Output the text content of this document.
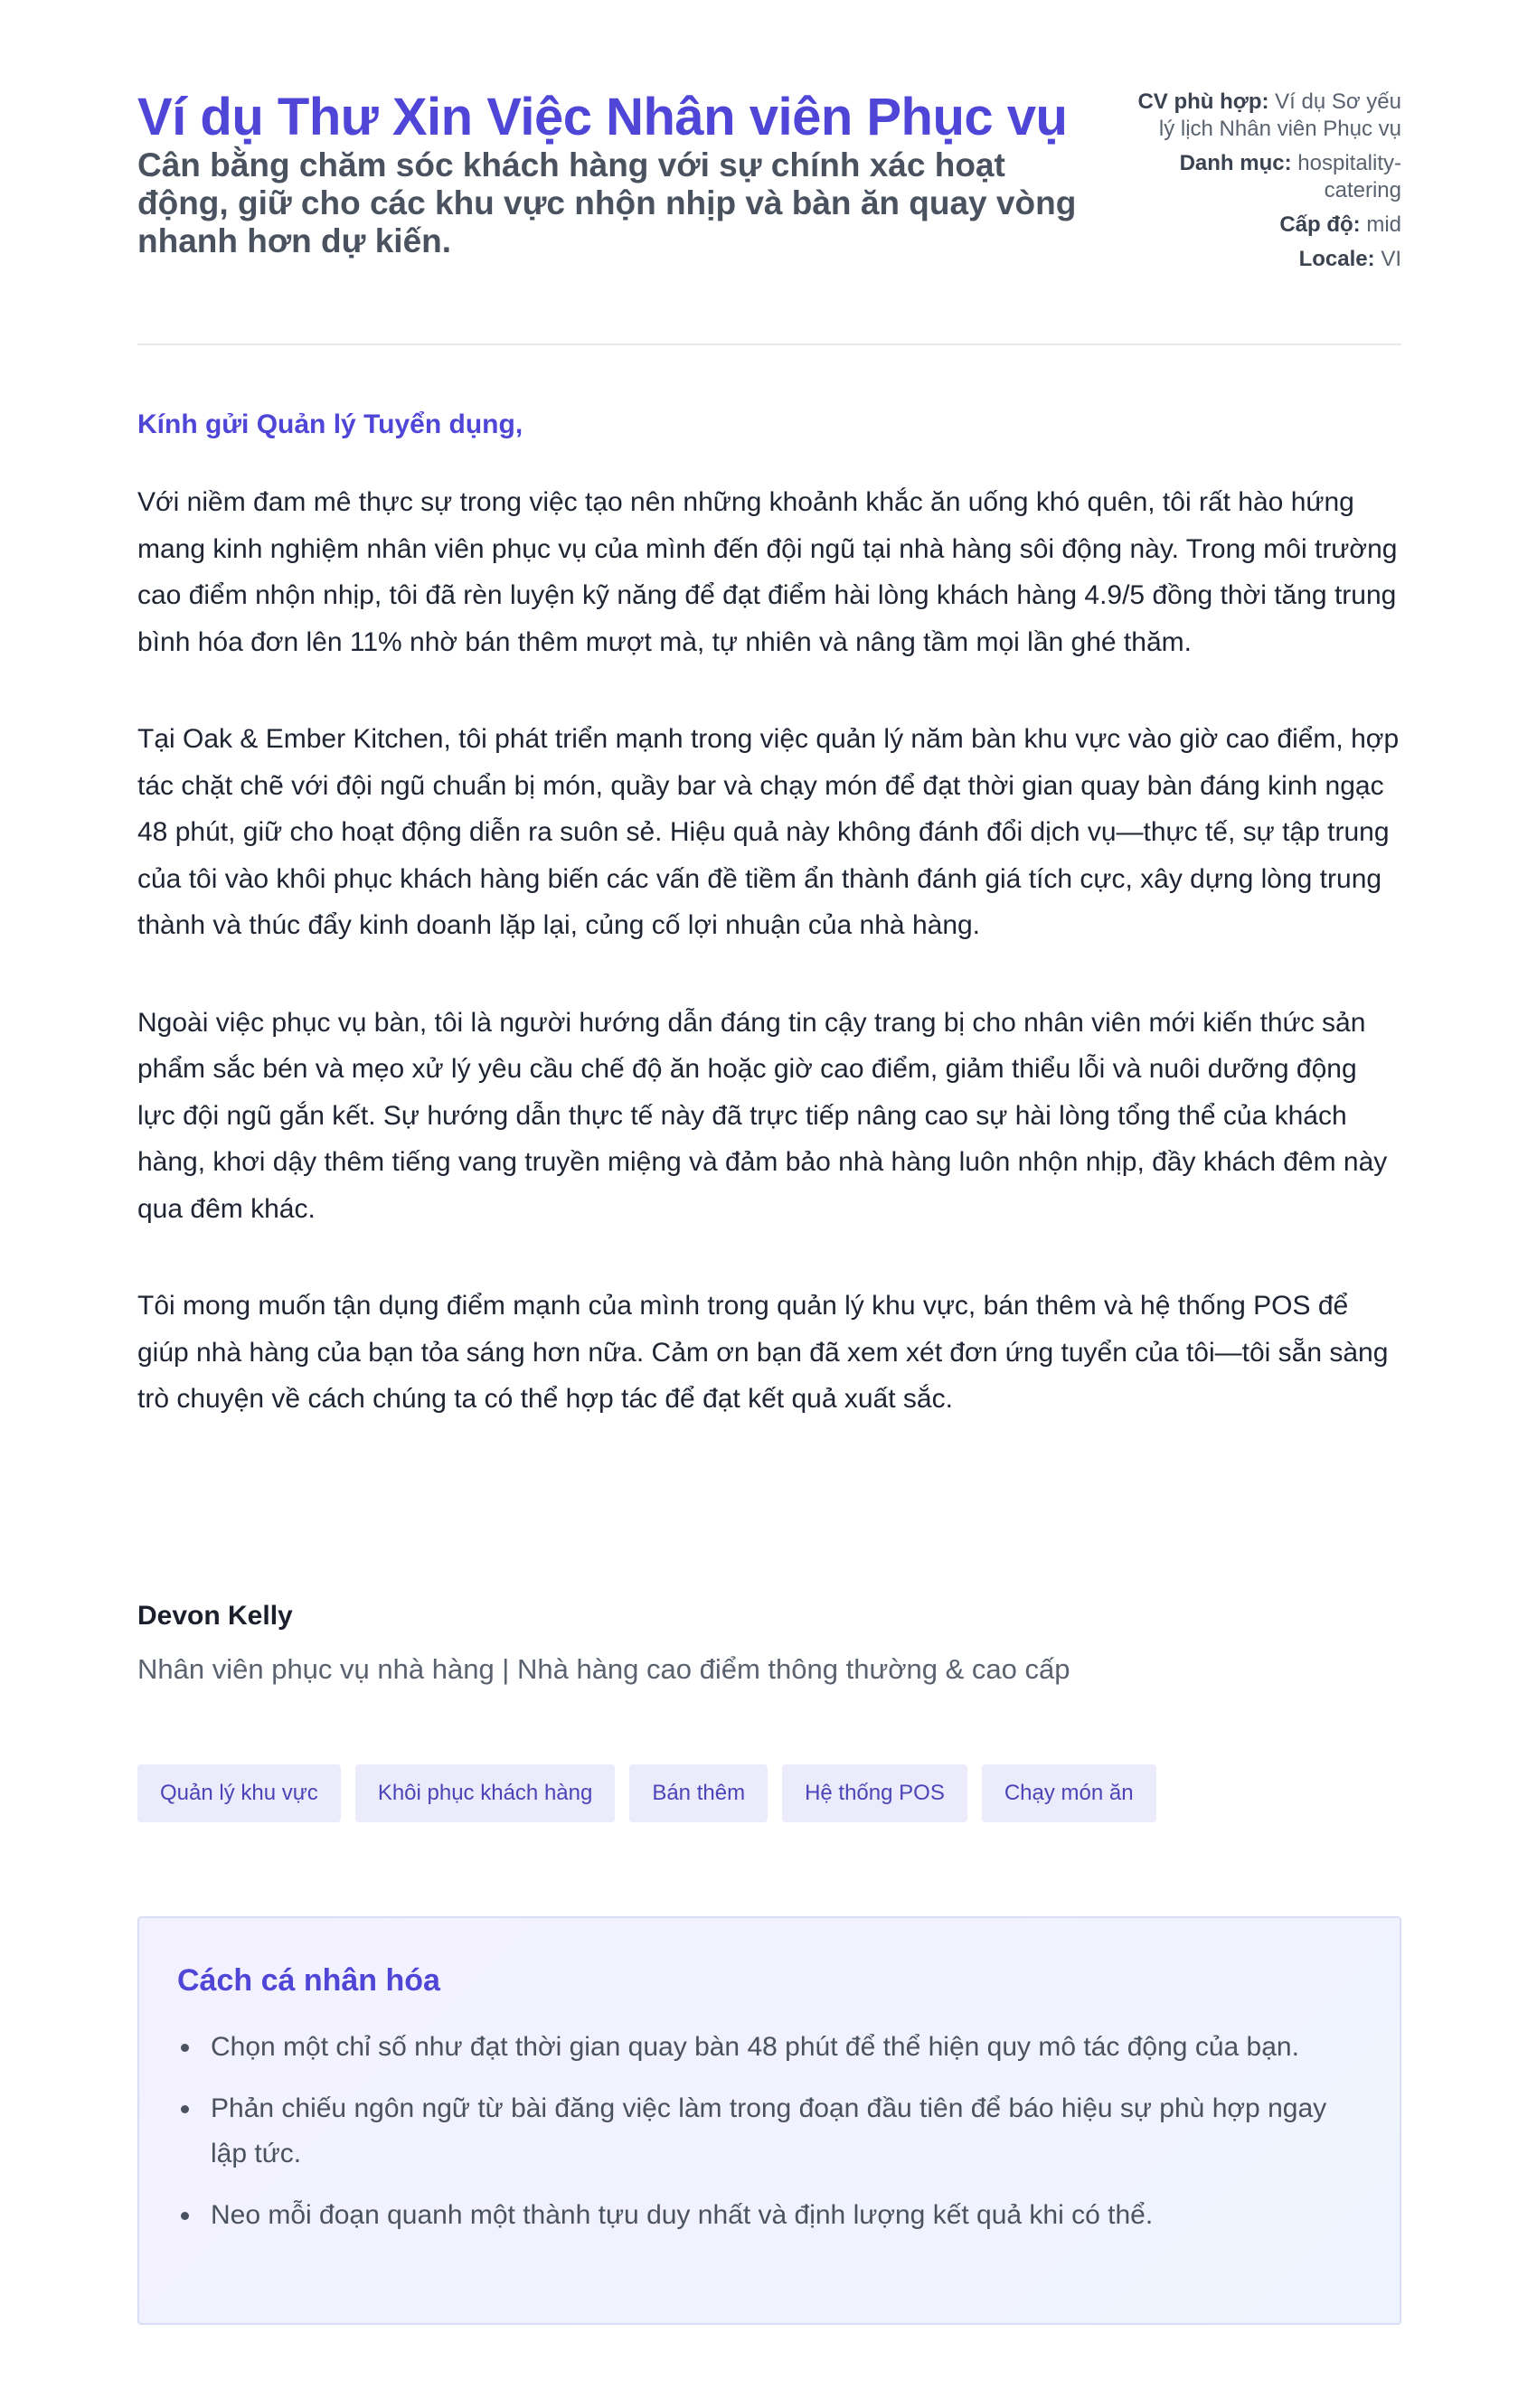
Ví dụ Thư Xin Việc Nhân viên Phục vụ

Cân bằng chăm sóc khách hàng với sự chính xác hoạt động, giữ cho các khu vực nhộn nhịp và bàn ăn quay vòng nhanh hơn dự kiến.

CV phù hợp: Ví dụ Sơ yếu lý lịch Nhân viên Phục vụ
Danh mục: hospitality-catering
Cấp độ: mid
Locale: VI

Kính gửi Quản lý Tuyển dụng,

Với niềm đam mê thực sự trong việc tạo nên những khoảnh khắc ăn uống khó quên, tôi rất hào hứng mang kinh nghiệm nhân viên phục vụ của mình đến đội ngũ tại nhà hàng sôi động này. Trong môi trường cao điểm nhộn nhịp, tôi đã rèn luyện kỹ năng để đạt điểm hài lòng khách hàng 4.9/5 đồng thời tăng trung bình hóa đơn lên 11% nhờ bán thêm mượt mà, tự nhiên và nâng tầm mọi lần ghé thăm.

Tại Oak & Ember Kitchen, tôi phát triển mạnh trong việc quản lý năm bàn khu vực vào giờ cao điểm, hợp tác chặt chẽ với đội ngũ chuẩn bị món, quầy bar và chạy món để đạt thời gian quay bàn đáng kinh ngạc 48 phút, giữ cho hoạt động diễn ra suôn sẻ. Hiệu quả này không đánh đổi dịch vụ—thực tế, sự tập trung của tôi vào khôi phục khách hàng biến các vấn đề tiềm ẩn thành đánh giá tích cực, xây dựng lòng trung thành và thúc đẩy kinh doanh lặp lại, củng cố lợi nhuận của nhà hàng.

Ngoài việc phục vụ bàn, tôi là người hướng dẫn đáng tin cậy trang bị cho nhân viên mới kiến thức sản phẩm sắc bén và mẹo xử lý yêu cầu chế độ ăn hoặc giờ cao điểm, giảm thiểu lỗi và nuôi dưỡng động lực đội ngũ gắn kết. Sự hướng dẫn thực tế này đã trực tiếp nâng cao sự hài lòng tổng thể của khách hàng, khơi dậy thêm tiếng vang truyền miệng và đảm bảo nhà hàng luôn nhộn nhịp, đầy khách đêm này qua đêm khác.

Tôi mong muốn tận dụng điểm mạnh của mình trong quản lý khu vực, bán thêm và hệ thống POS để giúp nhà hàng của bạn tỏa sáng hơn nữa. Cảm ơn bạn đã xem xét đơn ứng tuyển của tôi—tôi sẵn sàng trò chuyện về cách chúng ta có thể hợp tác để đạt kết quả xuất sắc.

Devon Kelly

Nhân viên phục vụ nhà hàng | Nhà hàng cao điểm thông thường & cao cấp

Quản lý khu vực	Khôi phục khách hàng	Bán thêm	Hệ thống POS	Chạy món ăn
Cách cá nhân hóa
Chọn một chỉ số như đạt thời gian quay bàn 48 phút để thể hiện quy mô tác động của bạn.
Phản chiếu ngôn ngữ từ bài đăng việc làm trong đoạn đầu tiên để báo hiệu sự phù hợp ngay lập tức.
Neo mỗi đoạn quanh một thành tựu duy nhất và định lượng kết quả khi có thể.
